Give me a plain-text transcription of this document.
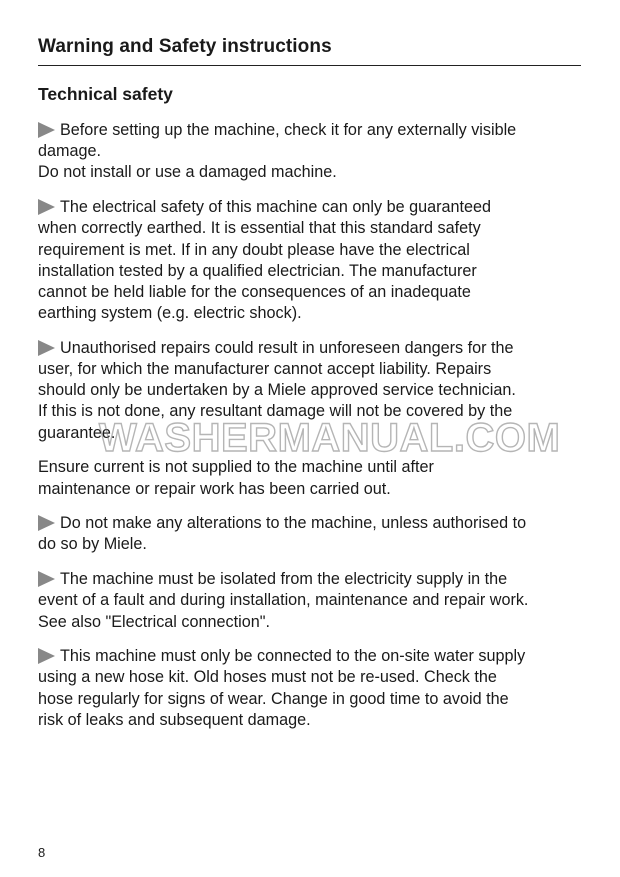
Warning and Safety instructions
Technical safety
Before setting up the machine, check it for any externally visible
damage.
Do not install or use a damaged machine.
The electrical safety of this machine can only be guaranteed
when correctly earthed. It is essential that this standard safety
requirement is met. If in any doubt please have the electrical
installation tested by a qualified electrician. The manufacturer
cannot be held liable for the consequences of an inadequate
earthing system (e.g. electric shock).
Unauthorised repairs could result in unforeseen dangers for the
user, for which the manufacturer cannot accept liability. Repairs
should only be undertaken by a Miele approved service technician.
If this is not done, any resultant damage will not be covered by the
guarantee.
Ensure current is not supplied to the machine until after
maintenance or repair work has been carried out.
Do not make any alterations to the machine, unless authorised to
do so by Miele.
The machine must be isolated from the electricity supply in the
event of a fault and during installation, maintenance and repair work.
See also "Electrical connection".
This machine must only be connected to the on-site water supply
using a new hose kit. Old hoses must not be re-used. Check the
hose regularly for signs of wear. Change in good time to avoid the
risk of leaks and subsequent damage.
WASHERMANUAL.COM
8
